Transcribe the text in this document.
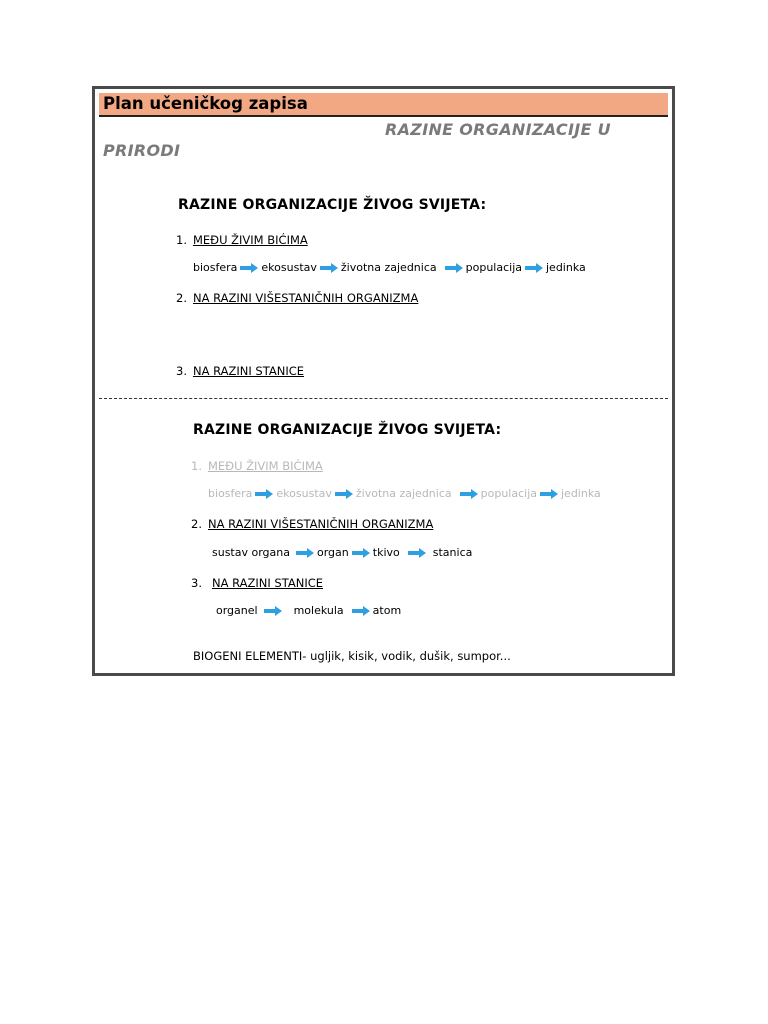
Plan učeničkog zapisa
RAZINE ORGANIZACIJE U
PRIRODI
RAZINE ORGANIZACIJE ŽIVOG SVIJETA:
1. MEĐU ŽIVIM BIĆIMA
biosfera ekosustav životna zajednica	populacija jedinka
2. NA RAZINI VIŠESTANIČNIH ORGANIZMA
3. NA RAZINI STANICE
RAZINE ORGANIZACIJE ŽIVOG SVIJETA:
1. MEĐU ŽIVIM BIĆIMA
biosfera ekosustav životna zajednica	populacija jedinka
2. NA RAZINI VIŠESTANIČNIH ORGANIZMA
sustav organa organ tkivo	stanica
3. NA RAZINI STANICE
organel	molekula	atom
BIOGENI ELEMENTI- ugljik, kisik, vodik, dušik, sumpor...
